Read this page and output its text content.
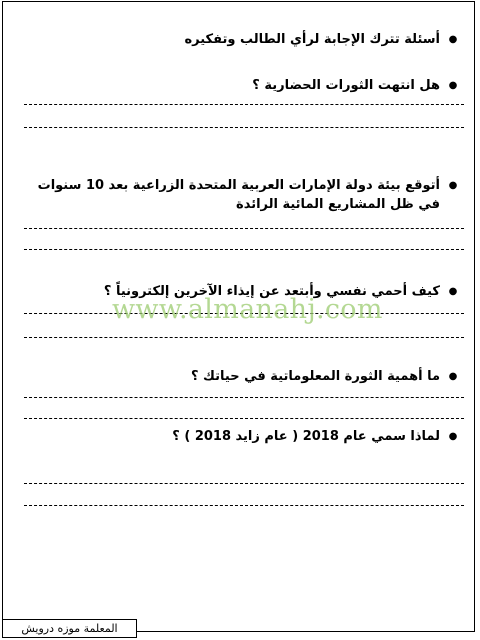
●أسئلة تترك الإجابة لرأي الطالب وتفكيره
●هل انتهت الثورات الحضارية ؟
●أتوقع بيئة دولة الإمارات العربية المتحدة الزراعية بعد 10 سنوات في ظل المشاريع المائية الرائدة
●كيف أحمي نفسي وأبتعد عن إيذاء الآخرين إلكترونياً ؟
●ما أهمية الثورة المعلوماتية في حياتك ؟
●لماذا سمي عام 2018 ( عام زايد 2018 ) ؟
www.almanahj.com
المعلمة موزه درويش
